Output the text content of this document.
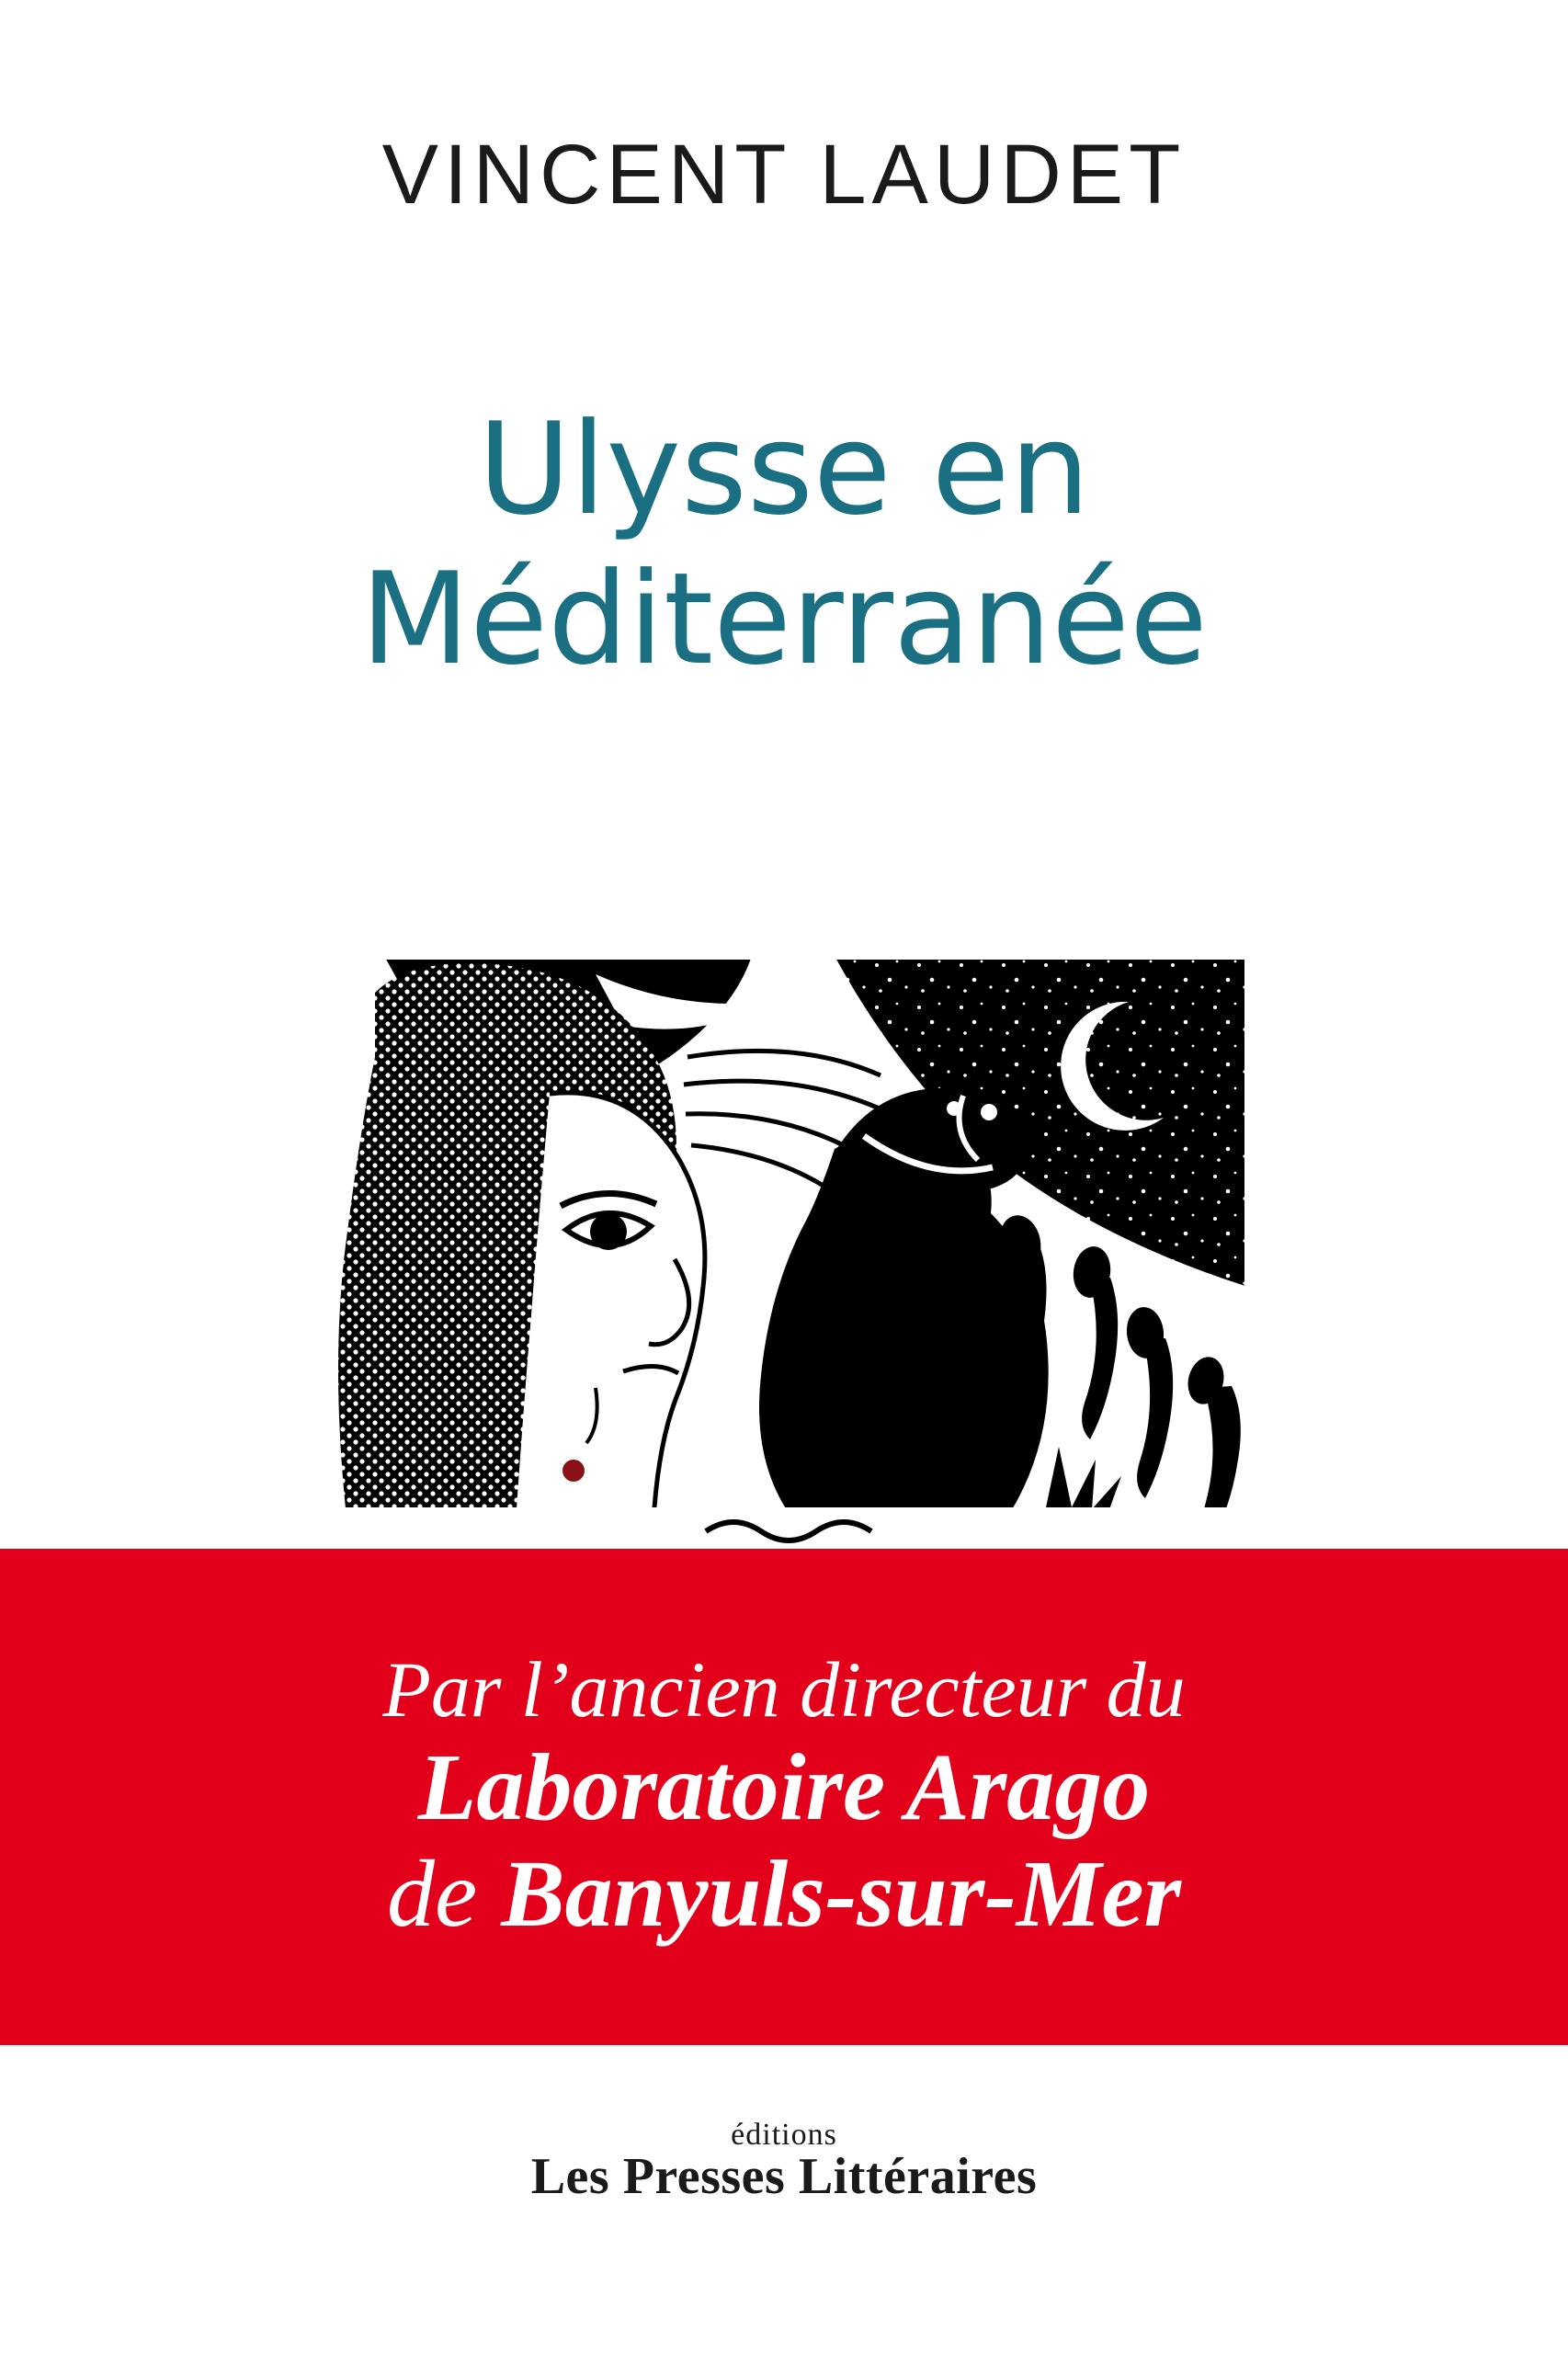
VINCENT LAUDET
Ulysse en
Méditerranée
Par l’ancien directeur du
Laboratoire Arago
de Banyuls-sur-Mer
éditions
Les Presses Littéraires
